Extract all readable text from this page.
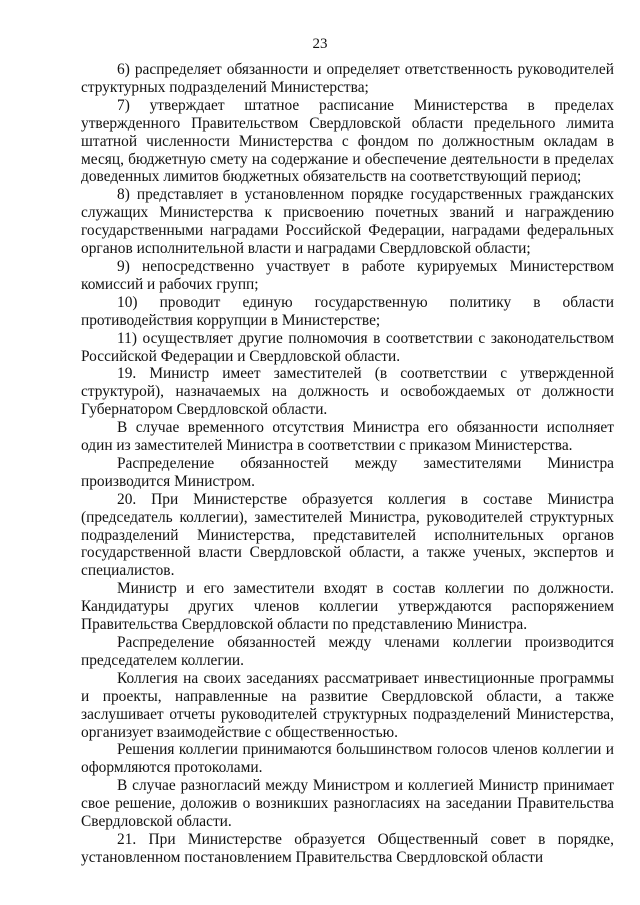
23

6) распределяет обязанности и определяет ответственность руководителей структурных подразделений Министерства;

7) утверждает штатное расписание Министерства в пределах утвержденного Правительством Свердловской области предельного лимита штатной численности Министерства с фондом по должностным окладам в месяц, бюджетную смету на содержание и обеспечение деятельности в пределах доведенных лимитов бюджетных обязательств на соответствующий период;

8) представляет в установленном порядке государственных гражданских служащих Министерства к присвоению почетных званий и награждению государственными наградами Российской Федерации, наградами федеральных органов исполнительной власти и наградами Свердловской области;

9) непосредственно участвует в работе курируемых Министерством комиссий и рабочих групп;

10) проводит единую государственную политику в области противодействия коррупции в Министерстве;

11) осуществляет другие полномочия в соответствии с законодательством Российской Федерации и Свердловской области.

19. Министр имеет заместителей (в соответствии с утвержденной структурой), назначаемых на должность и освобождаемых от должности Губернатором Свердловской области.

В случае временного отсутствия Министра его обязанности исполняет один из заместителей Министра в соответствии с приказом Министерства.

Распределение обязанностей между заместителями Министра производится Министром.

20. При Министерстве образуется коллегия в составе Министра (председатель коллегии), заместителей Министра, руководителей структурных подразделений Министерства, представителей исполнительных органов государственной власти Свердловской области, а также ученых, экспертов и специалистов.

Министр и его заместители входят в состав коллегии по должности. Кандидатуры других членов коллегии утверждаются распоряжением Правительства Свердловской области по представлению Министра.

Распределение обязанностей между членами коллегии производится председателем коллегии.

Коллегия на своих заседаниях рассматривает инвестиционные программы и проекты, направленные на развитие Свердловской области, а также заслушивает отчеты руководителей структурных подразделений Министерства, организует взаимодействие с общественностью.

Решения коллегии принимаются большинством голосов членов коллегии и оформляются протоколами.

В случае разногласий между Министром и коллегией Министр принимает свое решение, доложив о возникших разногласиях на заседании Правительства Свердловской области.

21. При Министерстве образуется Общественный совет в порядке, установленном постановлением Правительства Свердловской области
